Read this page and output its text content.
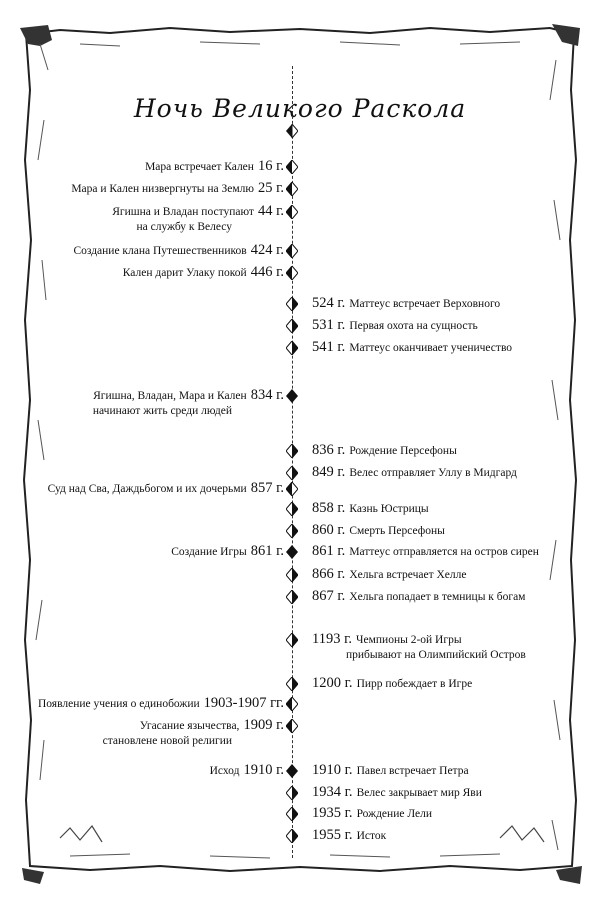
Ночь Великого Раскола
Мара встречает Кален 16 г.
Мара и Кален низвергнуты на Землю 25 г.
Ягишна и Владан поступают 44 г.
на службу к Велесу
Создание клана Путешественников 424 г.
Кален дарит Улаку покой 446 г.
Ягишна, Владан, Мара и Кален 834 г.
начинают жить среди людей
Суд над Сва, Даждьбогом и их дочерьми 857 г.
Создание Игры 861 г.
Появление учения о единобожии 1903-1907 гг.
Угасание язычества, 1909 г.
становлене новой религии
Исход 1910 г.
524 г. Маттеус встречает Верховного
531 г. Первая охота на сущность
541 г. Маттеус оканчивает ученичество
836 г. Рождение Персефоны
849 г. Велес отправляет Уллу в Мидгард
858 г. Казнь Юстрицы
860 г. Смерть Персефоны
861 г. Маттеус отправляется на остров сирен
866 г. Хельга встречает Хелле
867 г. Хельга попадает в темницы к богам
1193 г. Чемпионы 2-ой Игры
прибывают на Олимпийский Остров
1200 г. Пирр побеждает в Игре
1910 г. Павел встречает Петра
1934 г. Велес закрывает мир Яви
1935 г. Рождение Лели
1955 г. Исток
